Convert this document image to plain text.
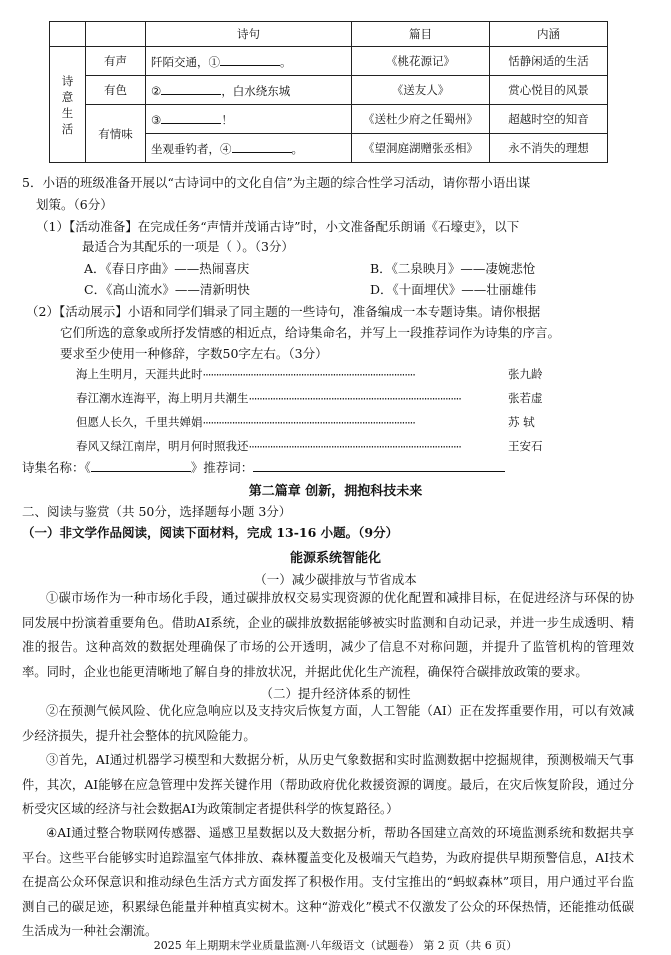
		诗句	篇目	内涵

诗意生活	有声	阡陌交通，① 。	《桃花源记》	恬静闲适的生活
	有色	② ，白水绕东城	《送友人》	赏心悦目的风景
	有情味	③ ！	《送杜少府之任蜀州》	超越时空的知音
		坐观垂钓者，④ 。	《望洞庭湖赠张丞相》	永不消失的理想
5．小语的班级准备开展以“古诗词中的文化自信”为主题的综合性学习活动，请你帮小语出谋
划策。（6分）
（1）【活动准备】在完成任务“声情并茂诵古诗”时，小文准备配乐朗诵《石壕吏》，以下
最适合为其配乐的一项是（ ）。（3分）
A．《春日序曲》——热闹喜庆	B．《二泉映月》——凄婉悲怆
C．《高山流水》——清新明快	D．《十面埋伏》——壮丽雄伟
（2）【活动展示】小语和同学们辑录了同主题的一些诗句，准备编成一本专题诗集。请你根据
它们所选的意象或所抒发情感的相近点，给诗集命名，并写上一段推荐词作为诗集的序言。
要求至少使用一种修辞，字数50字左右。（3分）
海上生明月，天涯共此时················································································	张九龄
春江潮水连海平，海上明月共潮生················································································	张若虚
但愿人长久，千里共婵娟················································································	苏 轼
春风又绿江南岸，明月何时照我还················································································	王安石
诗集名称：《	》推荐词：
第二篇章 创新，拥抱科技未来
二、阅读与鉴赏（共 50分，选择题每小题 3分）
（一）非文学作品阅读，阅读下面材料，完成 13-16 小题。（9分）
能源系统智能化
（一）减少碳排放与节省成本

①碳市场作为一种市场化手段，通过碳排放权交易实现资源的优化配置和减排目标，在促进经济与环保的协同发展中扮演着重要角色。借助AI系统，企业的碳排放数据能够被实时监测和自动记录，并进一步生成透明、精准的报告。这种高效的数据处理确保了市场的公开透明，减少了信息不对称问题，并提升了监管机构的管理效率。同时，企业也能更清晰地了解自身的排放状况，并据此优化生产流程，确保符合碳排放政策的要求。

（二）提升经济体系的韧性

②在预测气候风险、优化应急响应以及支持灾后恢复方面，人工智能（AI）正在发挥重要作用，可以有效减少经济损失，提升社会整体的抗风险能力。

③首先，AI通过机器学习模型和大数据分析，从历史气象数据和实时监测数据中挖掘规律，预测极端天气事件，其次，AI能够在应急管理中发挥关键作用（帮助政府优化救援资源的调度。最后，在灾后恢复阶段，通过分析受灾区域的经济与社会数据AI为政策制定者提供科学的恢复路径。）

④AI通过整合物联网传感器、遥感卫星数据以及大数据分析，帮助各国建立高效的环境监测系统和数据共享平台。这些平台能够实时追踪温室气体排放、森林覆盖变化及极端天气趋势，为政府提供早期预警信息，AI技术在提高公众环保意识和推动绿色生活方式方面发挥了积极作用。支付宝推出的“蚂蚁森林”项目，用户通过平台监测自己的碳足迹，积累绿色能量并种植真实树木。这种“游戏化”模式不仅激发了公众的环保热情，还能推动低碳生活成为一种社会潮流。

2025 年上期期末学业质量监测·八年级语文（试题卷） 第 2 页（共 6 页）
